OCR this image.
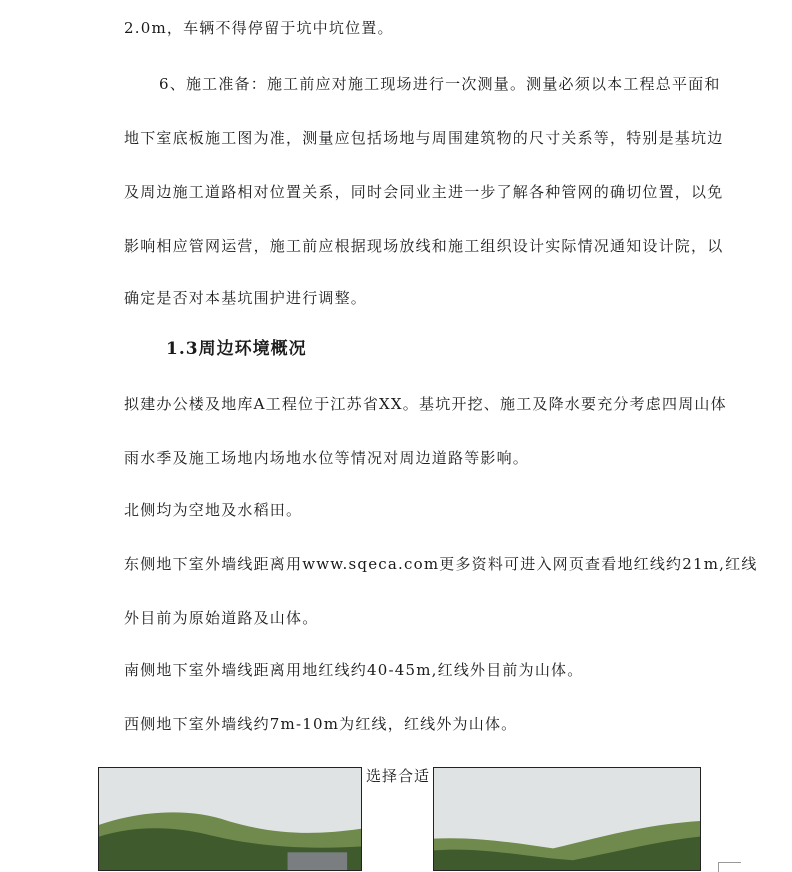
2.0m，车辆不得停留于坑中坑位置。
6、施工准备：施工前应对施工现场进行一次测量。测量必须以本工程总平面和
地下室底板施工图为准，测量应包括场地与周围建筑物的尺寸关系等，特别是基坑边
及周边施工道路相对位置关系，同时会同业主进一步了解各种管网的确切位置，以免
影响相应管网运营，施工前应根据现场放线和施工组织设计实际情况通知设计院，以
确定是否对本基坑围护进行调整。
1.3周边环境概况
拟建办公楼及地库A工程位于江苏省XX。基坑开挖、施工及降水要充分考虑四周山体
雨水季及施工场地内场地水位等情况对周边道路等影响。
北侧均为空地及水稻田。
东侧地下室外墙线距离用www.sqeca.com更多资料可进入网页查看地红线约21m,红线
外目前为原始道路及山体。
南侧地下室外墙线距离用地红线约40-45m,红线外目前为山体。
西侧地下室外墙线约7m-10m为红线，红线外为山体。
选择合适
